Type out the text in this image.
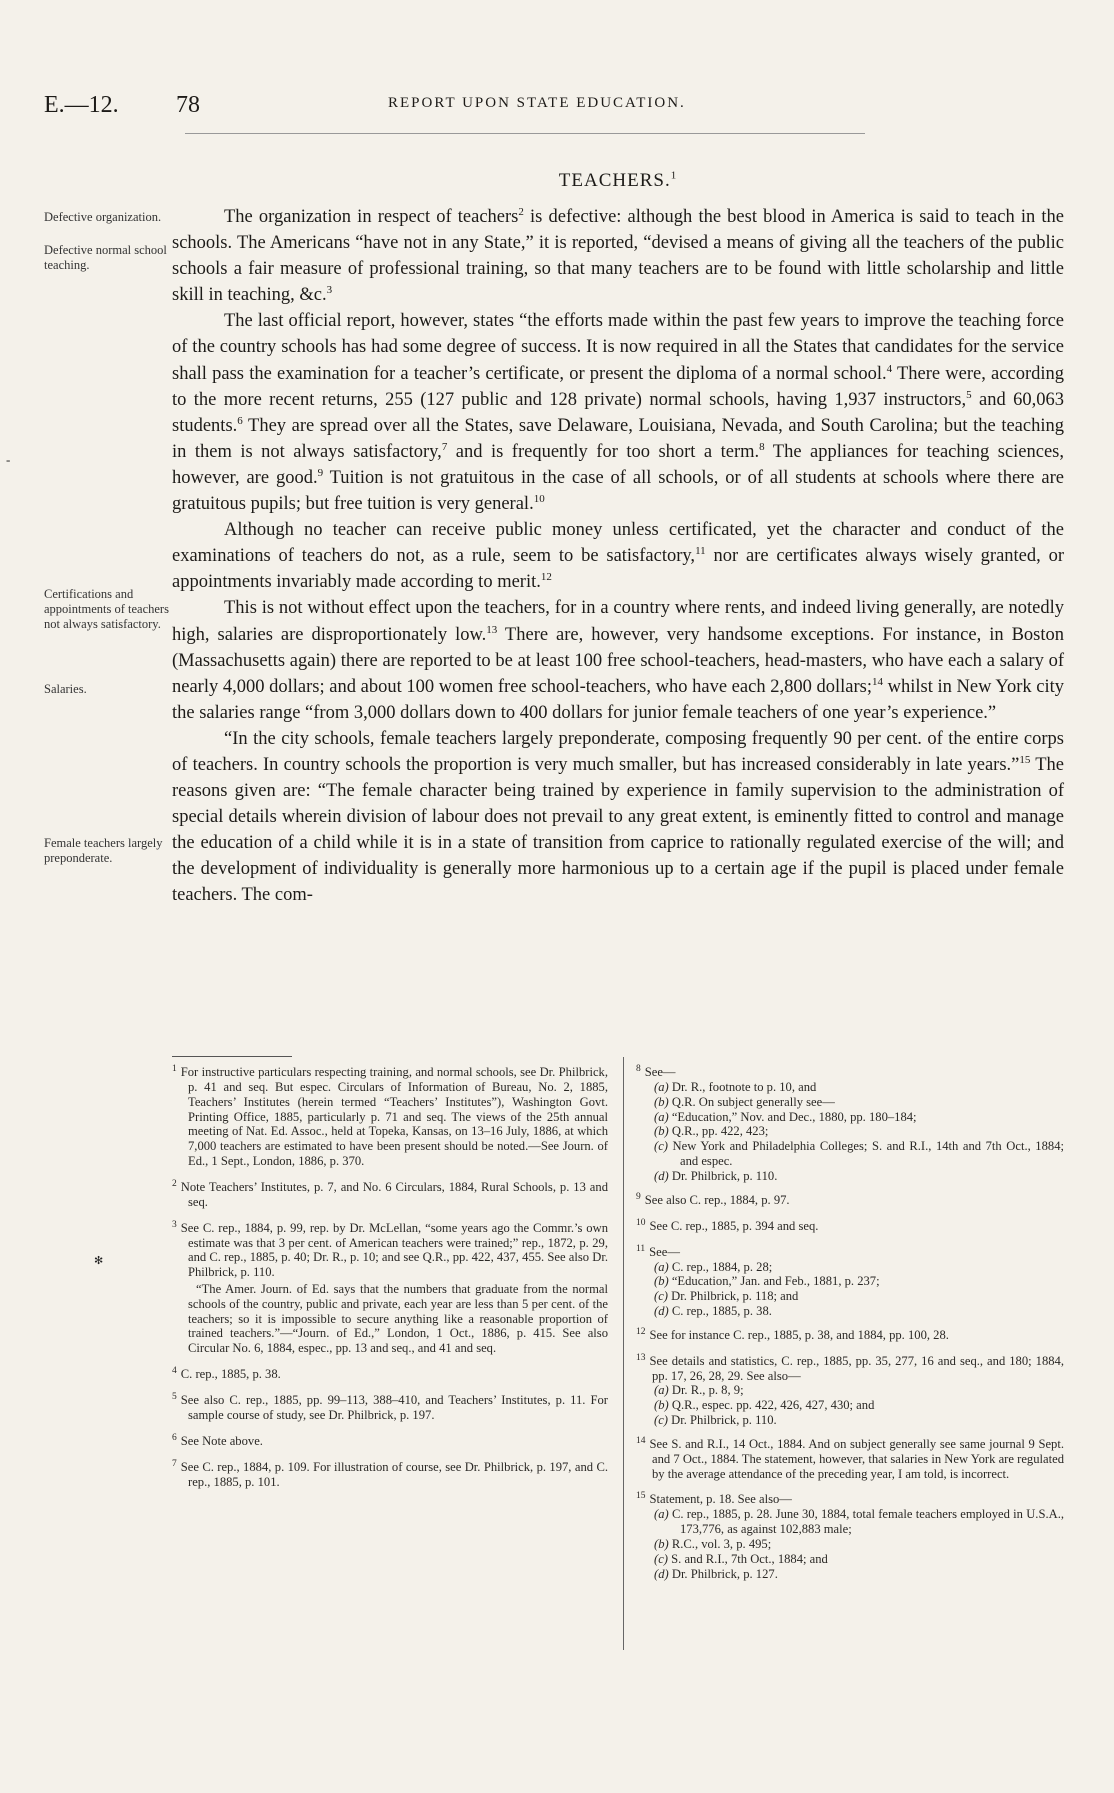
E.—12. 78	REPORT UPON STATE EDUCATION.
TEACHERS.$^1$
Defective organization.
Defective normal school teaching.
Certifications and appointments of teachers not always satisfactory.
Salaries.
Female teachers largely preponderate.
-
✻

The organization in respect of teachers$^2$ is defective: although the best blood in America is said to teach in the schools. The Americans “have not in any State,” it is reported, “devised a means of giving all the teachers of the public schools a fair measure of professional training, so that many teachers are to be found with little scholarship and little skill in teaching, &c.$^3$

The last official report, however, states “the efforts made within the past few years to improve the teaching force of the country schools has had some degree of success. It is now required in all the States that candidates for the service shall pass the examination for a teacher’s certificate, or present the diploma of a normal school.$^4$ There were, according to the more recent returns, 255 (127 public and 128 private) normal schools, having 1,937 instructors,$^5$ and 60,063 students.$^6$ They are spread over all the States, save Delaware, Louisiana, Nevada, and South Carolina; but the teaching in them is not always satisfactory,$^7$ and is frequently for too short a term.$^8$ The appliances for teaching sciences, however, are good.$^9$ Tuition is not gratuitous in the case of all schools, or of all students at schools where there are gratuitous pupils; but free tuition is very general.$^{10}$

Although no teacher can receive public money unless certificated, yet the character and conduct of the examinations of teachers do not, as a rule, seem to be satisfactory,$^{11}$ nor are certificates always wisely granted, or appointments invariably made according to merit.$^{12}$

This is not without effect upon the teachers, for in a country where rents, and indeed living generally, are notedly high, salaries are disproportionately low.$^{13}$ There are, however, very handsome exceptions. For instance, in Boston (Massachusetts again) there are reported to be at least 100 free school-teachers, head-masters, who have each a salary of nearly 4,000 dollars; and about 100 women free school-teachers, who have each 2,800 dollars;$^{14}$ whilst in New York city the salaries range “from 3,000 dollars down to 400 dollars for junior female teachers of one year’s experience.”

“In the city schools, female teachers largely preponderate, composing frequently 90 per cent. of the entire corps of teachers. In country schools the proportion is very much smaller, but has increased considerably in late years.”$^{15}$ The reasons given are: “The female character being trained by experience in family supervision to the administration of special details wherein division of labour does not prevail to any great extent, is eminently fitted to control and manage the education of a child while it is in a state of transition from caprice to rationally regulated exercise of the will; and the development of individuality is generally more harmonious up to a certain age if the pupil is placed under female teachers. The com-

$^1$ For instructive particulars respecting training, and normal schools, see Dr. Philbrick, p. 41 and seq. But espec. Circulars of Information of Bureau, No. 2, 1885, Teachers’ Institutes (herein termed “Teachers’ Institutes”), Washington Govt. Printing Office, 1885, particularly p. 71 and seq. The views of the 25th annual meeting of Nat. Ed. Assoc., held at Topeka, Kansas, on 13–16 July, 1886, at which 7,000 teachers are estimated to have been present should be noted.—See Journ. of Ed., 1 Sept., London, 1886, p. 370.
$^2$ Note Teachers’ Institutes, p. 7, and No. 6 Circulars, 1884, Rural Schools, p. 13 and seq.
$^3$ See C. rep., 1884, p. 99, rep. by Dr. McLellan, “some years ago the Commr.’s own estimate was that 3 per cent. of American teachers were trained;” rep., 1872, p. 29, and C. rep., 1885, p. 40; Dr. R., p. 10; and see Q.R., pp. 422, 437, 455. See also Dr. Philbrick, p. 110.
“The Amer. Journ. of Ed. says that the numbers that graduate from the normal schools of the country, public and private, each year are less than 5 per cent. of the teachers; so it is impossible to secure anything like a reasonable proportion of trained teachers.”—“Journ. of Ed.,” London, 1 Oct., 1886, p. 415. See also Circular No. 6, 1884, espec., pp. 13 and seq., and 41 and seq.
$^4$ C. rep., 1885, p. 38.
$^5$ See also C. rep., 1885, pp. 99–113, 388–410, and Teachers’ Institutes, p. 11. For sample course of study, see Dr. Philbrick, p. 197.
$^6$ See Note above.
$^7$ See C. rep., 1884, p. 109. For illustration of course, see Dr. Philbrick, p. 197, and C. rep., 1885, p. 101.
$^8$ See—
(a) Dr. R., footnote to p. 10, and
(b) Q.R. On subject generally see—
(a) “Education,” Nov. and Dec., 1880, pp. 180–184;
(b) Q.R., pp. 422, 423;
(c) New York and Philadelphia Colleges; S. and R.I., 14th and 7th Oct., 1884; and espec.
(d) Dr. Philbrick, p. 110.
$^9$ See also C. rep., 1884, p. 97.
$^{10}$ See C. rep., 1885, p. 394 and seq.
$^{11}$ See—
(a) C. rep., 1884, p. 28;
(b) “Education,” Jan. and Feb., 1881, p. 237;
(c) Dr. Philbrick, p. 118; and
(d) C. rep., 1885, p. 38.
$^{12}$ See for instance C. rep., 1885, p. 38, and 1884, pp. 100, 28.
$^{13}$ See details and statistics, C. rep., 1885, pp. 35, 277, 16 and seq., and 180; 1884, pp. 17, 26, 28, 29. See also—
(a) Dr. R., p. 8, 9;
(b) Q.R., espec. pp. 422, 426, 427, 430; and
(c) Dr. Philbrick, p. 110.
$^{14}$ See S. and R.I., 14 Oct., 1884. And on subject generally see same journal 9 Sept. and 7 Oct., 1884. The statement, however, that salaries in New York are regulated by the average attendance of the preceding year, I am told, is incorrect.
$^{15}$ Statement, p. 18. See also—
(a) C. rep., 1885, p. 28. June 30, 1884, total female teachers employed in U.S.A., 173,776, as against 102,883 male;
(b) R.C., vol. 3, p. 495;
(c) S. and R.I., 7th Oct., 1884; and
(d) Dr. Philbrick, p. 127.
